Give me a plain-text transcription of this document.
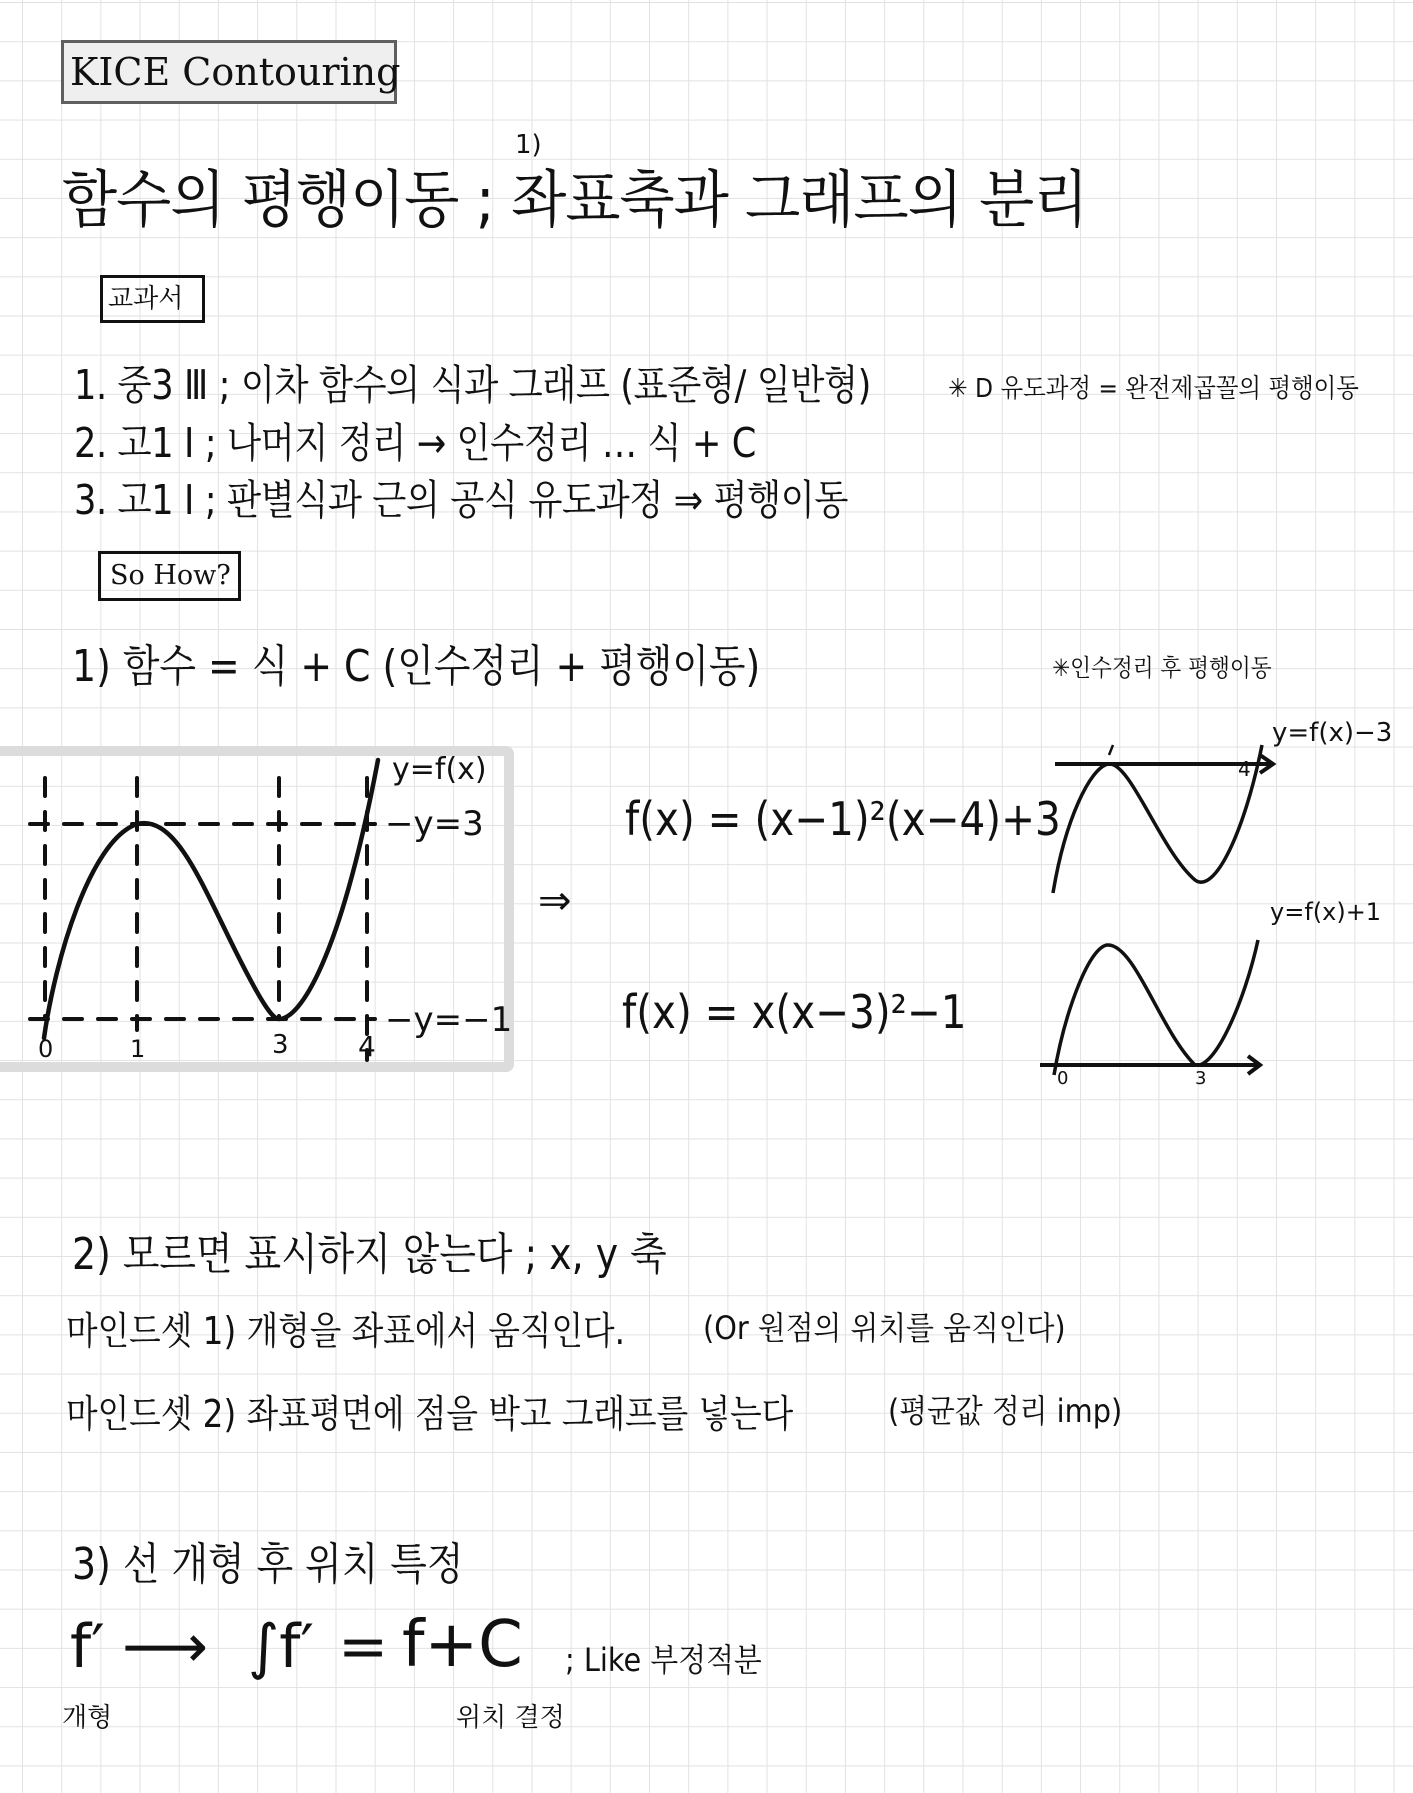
KICE Contouring
1)
함수의 평행이동 ; 좌표축과 그래프의 분리
교과서
1. 중3 Ⅲ ; 이차 함수의 식과 그래프 (표준형/ 일반형)
2. 고1 Ⅰ ; 나머지 정리 → 인수정리 … 식 + C
3. 고1 Ⅰ ; 판별식과 근의 공식 유도과정 ⇒ 평행이동
✳ D 유도과정 = 완전제곱꼴의 평행이동
So How?
1) 함수 = 식 + C (인수정리 + 평행이동)	✳인수정리 후 평행이동
y=f(x)
−y=3
−y=−1
0	1	3 4
⇒
f(x) = (x−1)²(x−4)+3
f(x) = x(x−3)²−1
4
y=f(x)−3
0	3
y=f(x)+1
2) 모르면 표시하지 않는다 ; x, y 축
마인드셋 1) 개형을 좌표에서 움직인다. (Or 원점의 위치를 움직인다)
마인드셋 2) 좌표평면에 점을 박고 그래프를 넣는다	(평균값 정리 imp)
3) 선 개형 후 위치 특정
f′ ⟶ ∫f′ = f+C ; Like 부정적분
개형	위치 결정
